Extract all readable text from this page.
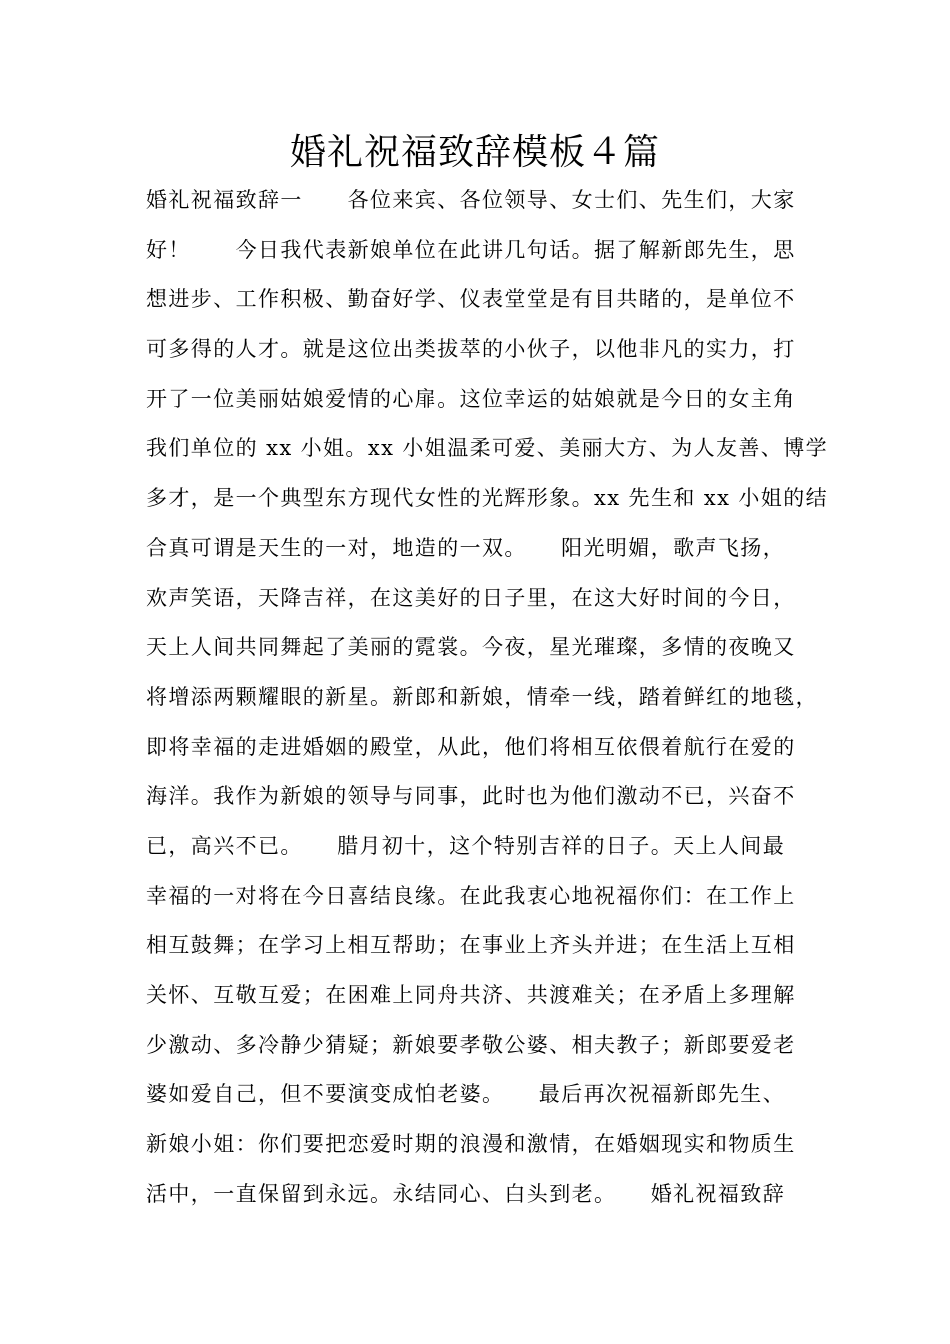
婚礼祝福致辞模板４篇
婚礼祝福致辞一　　各位来宾、各位领导、女士们、先生们，大家
好！　　今日我代表新娘单位在此讲几句话。据了解新郎先生，思
想进步、工作积极、勤奋好学、仪表堂堂是有目共睹的，是单位不
可多得的人才。就是这位出类拔萃的小伙子，以他非凡的实力，打
开了一位美丽姑娘爱情的心扉。这位幸运的姑娘就是今日的女主角
我们单位的 xx 小姐。xx 小姐温柔可爱、美丽大方、为人友善、博学
多才，是一个典型东方现代女性的光辉形象。xx 先生和 xx 小姐的结
合真可谓是天生的一对，地造的一双。　　阳光明媚，歌声飞扬，
欢声笑语，天降吉祥，在这美好的日子里，在这大好时间的今日，
天上人间共同舞起了美丽的霓裳。今夜，星光璀璨，多情的夜晚又
将增添两颗耀眼的新星。新郎和新娘，情牵一线，踏着鲜红的地毯，
即将幸福的走进婚姻的殿堂，从此，他们将相互依偎着航行在爱的
海洋。我作为新娘的领导与同事，此时也为他们激动不已，兴奋不
已，高兴不已。　　腊月初十，这个特别吉祥的日子。天上人间最
幸福的一对将在今日喜结良缘。在此我衷心地祝福你们：在工作上
相互鼓舞；在学习上相互帮助；在事业上齐头并进；在生活上互相
关怀、互敬互爱；在困难上同舟共济、共渡难关；在矛盾上多理解
少激动、多冷静少猜疑；新娘要孝敬公婆、相夫教子；新郎要爱老
婆如爱自己，但不要演变成怕老婆。　　最后再次祝福新郎先生、
新娘小姐：你们要把恋爱时期的浪漫和激情，在婚姻现实和物质生
活中，一直保留到永远。永结同心、白头到老。　　婚礼祝福致辞
